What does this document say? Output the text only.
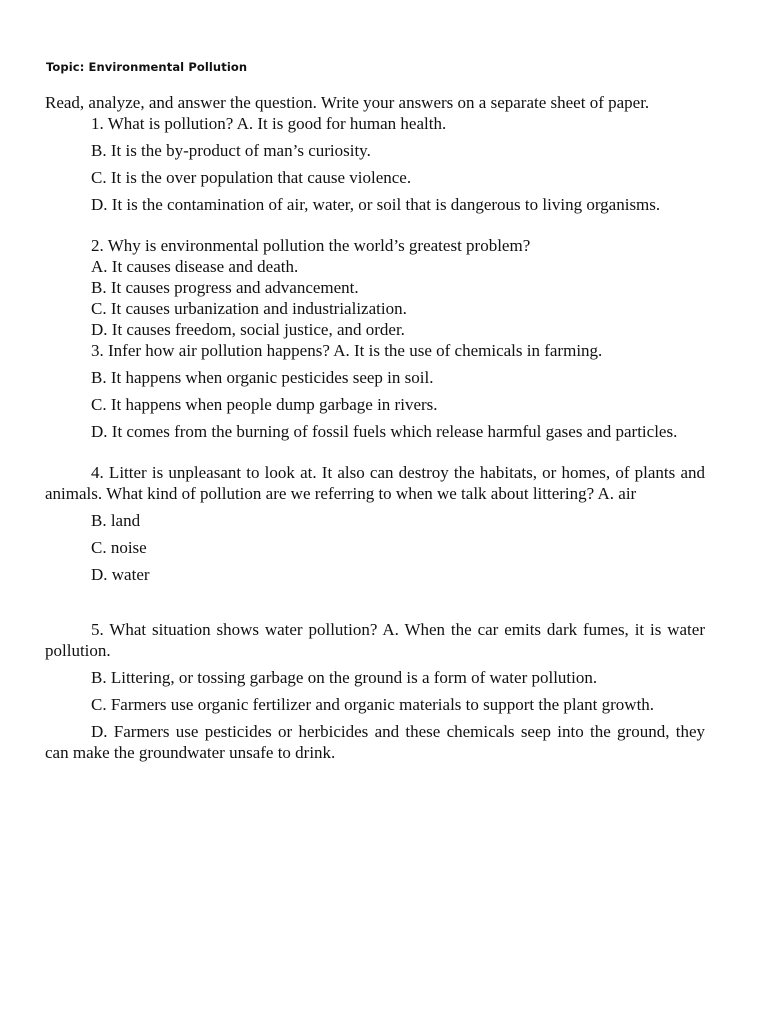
Topic: Environmental Pollution

Read, analyze, and answer the question. Write your answers on a separate sheet of paper.

1. What is pollution? A. It is good for human health.

B. It is the by-product of man’s curiosity.

C. It is the over population that cause violence.

D. It is the contamination of air, water, or soil that is dangerous to living organisms.

2. Why is environmental pollution the world’s greatest problem?

A. It causes disease and death.

B. It causes progress and advancement.

C. It causes urbanization and industrialization.

D. It causes freedom, social justice, and order.

3. Infer how air pollution happens? A. It is the use of chemicals in farming.

B. It happens when organic pesticides seep in soil.

C. It happens when people dump garbage in rivers.

D. It comes from the burning of fossil fuels which release harmful gases and particles.

4. Litter is unpleasant to look at. It also can destroy the habitats, or homes, of plants and animals. What kind of pollution are we referring to when we talk about littering? A. air

B. land

C. noise

D. water

5. What situation shows water pollution? A. When the car emits dark fumes, it is water pollution.

B. Littering, or tossing garbage on the ground is a form of water pollution.

C. Farmers use organic fertilizer and organic materials to support the plant growth.

D. Farmers use pesticides or herbicides and these chemicals seep into the ground, they can make the groundwater unsafe to drink.
